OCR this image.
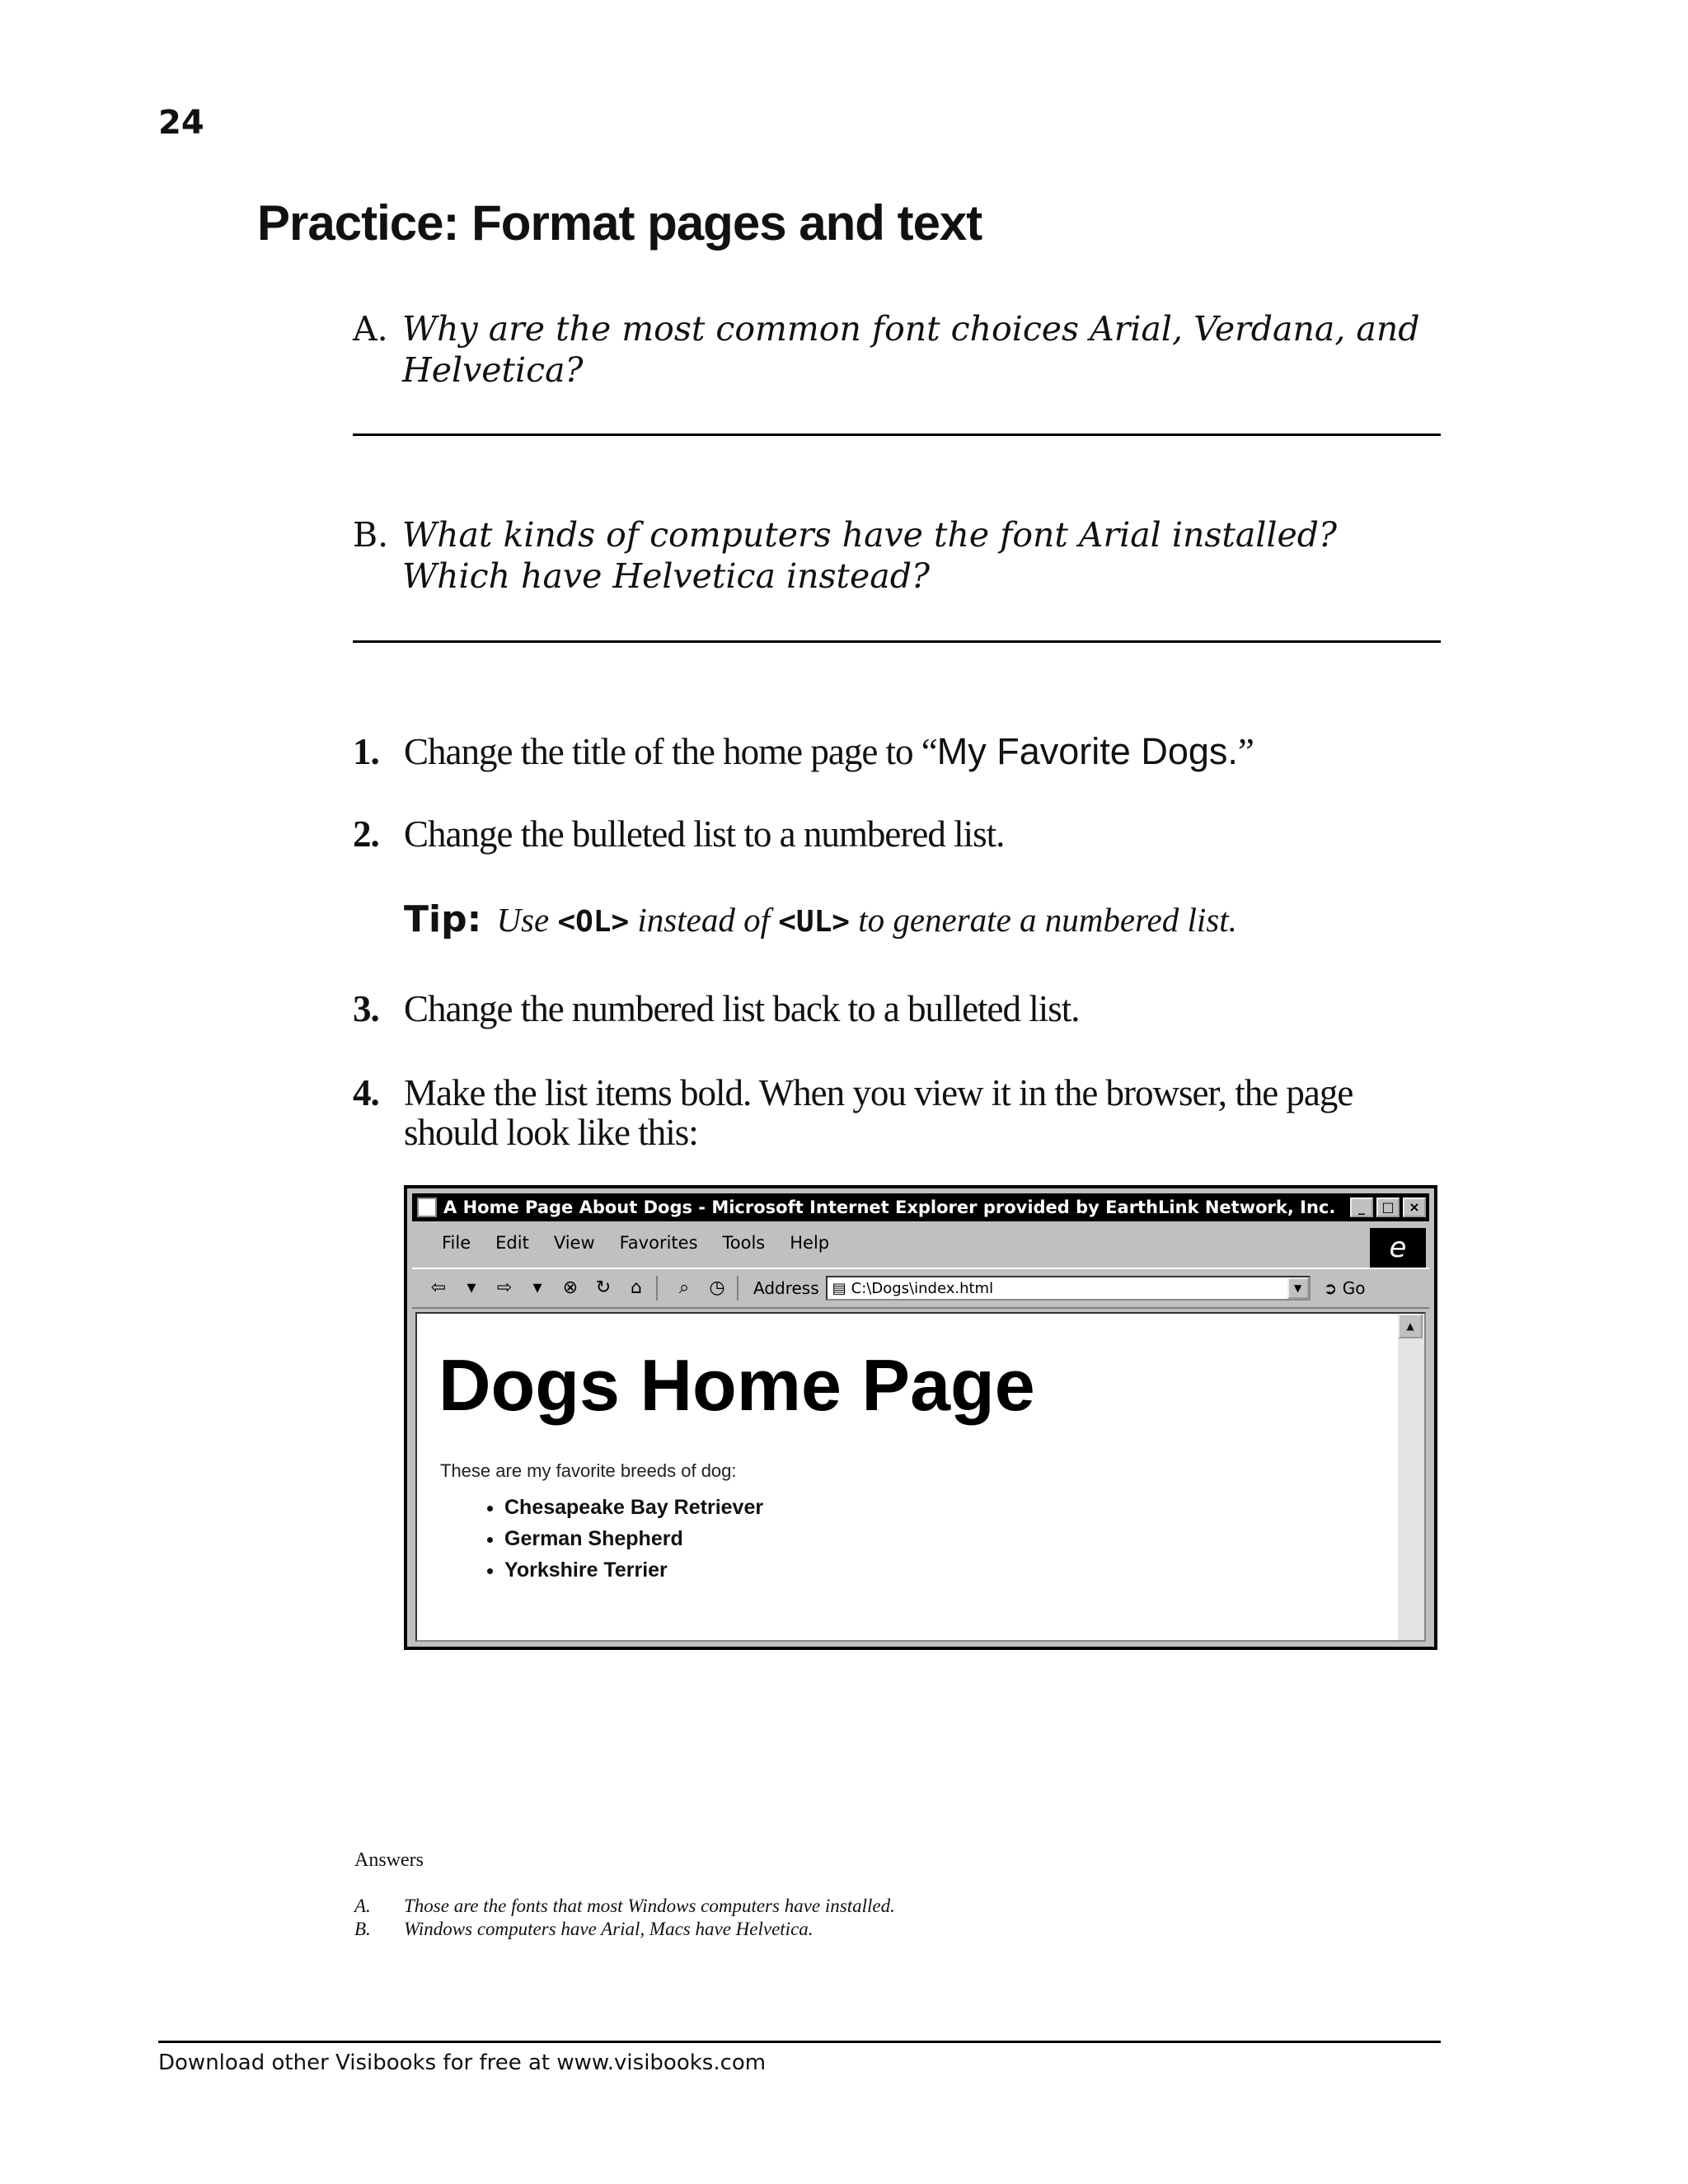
24
Practice: Format pages and text
A. Why are the most common font choices Arial, Verdana, and Helvetica?
B. What kinds of computers have the font Arial installed? Which have Helvetica instead?
1. Change the title of the home page to “My Favorite Dogs.”
2. Change the bulleted list to a numbered list.
Tip: Use <OL> instead of <UL> to generate a numbered list.
3. Change the numbered list back to a bulleted list.
4. Make the list items bold. When you view it in the browser, the page should look like this:
A Home Page About Dogs - Microsoft Internet Explorer provided by EarthLink Network, Inc.	_	□	×
File Edit View Favorites Tools Help	e
⇦	▾	⇨	▾	⊗ ↻	⌂	⌕	◷	Address ▤ C:\Dogs\index.html	▼	➲ Go
Dogs Home Page
These are my favorite breeds of dog:
• Chesapeake Bay Retriever
• German Shepherd
• Yorkshire Terrier
▲
Answers
A. Those are the fonts that most Windows computers have installed.
B. Windows computers have Arial, Macs have Helvetica.
Download other Visibooks for free at www.visibooks.com
